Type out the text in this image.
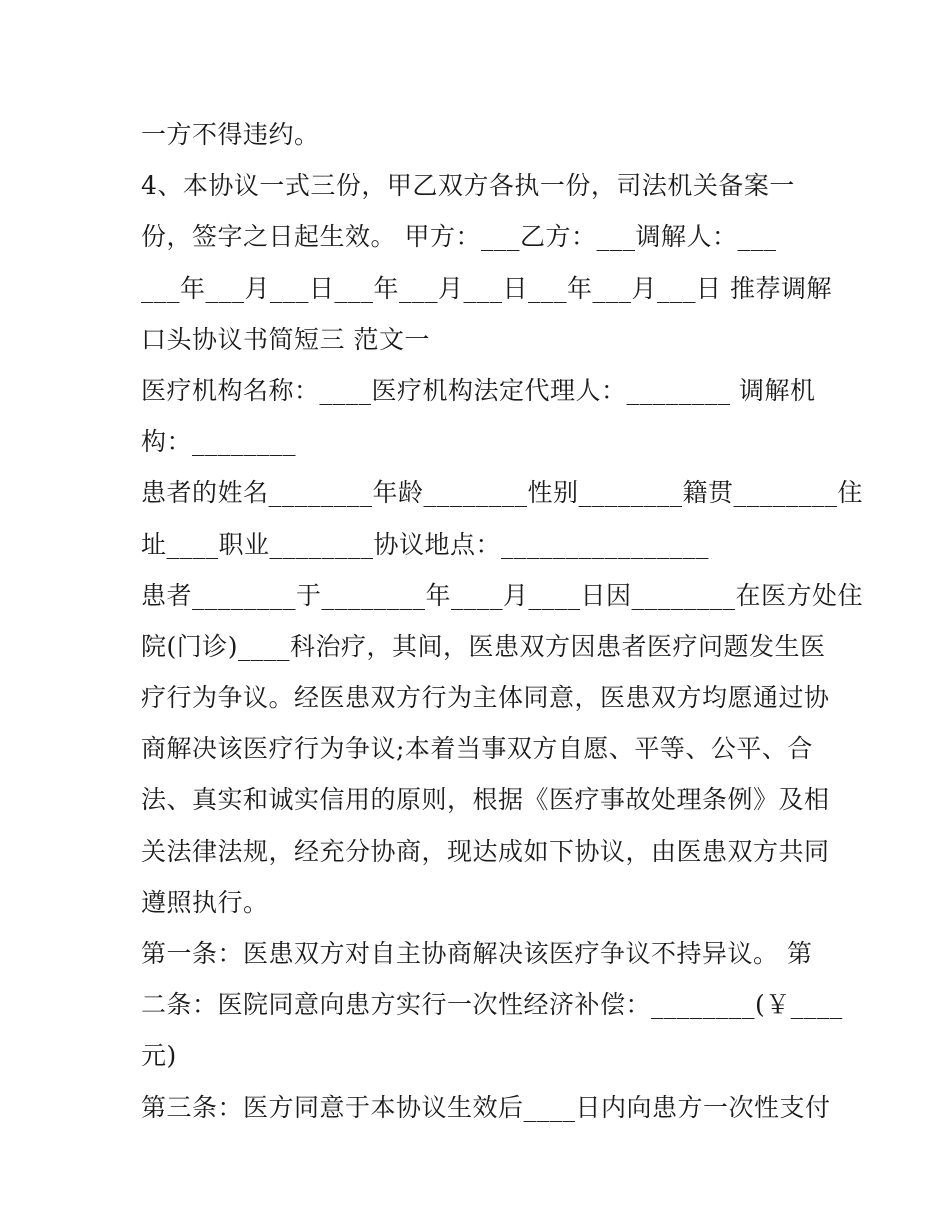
一方不得违约。
4、本协议一式三份，甲乙双方各执一份，司法机关备案一
份，签字之日起生效。 甲方：___乙方：___调解人：___
___年___月___日___年___月___日___年___月___日 推荐调解
口头协议书简短三 范文一
医疗机构名称：____医疗机构法定代理人：________ 调解机
构：________
患者的姓名________年龄________性别________籍贯________住
址____职业________协议地点：________________
患者________于________年____月____日因________在医方处住
院(门诊)____科治疗，其间，医患双方因患者医疗问题发生医
疗行为争议。经医患双方行为主体同意，医患双方均愿通过协
商解决该医疗行为争议;本着当事双方自愿、平等、公平、合
法、真实和诚实信用的原则，根据《医疗事故处理条例》及相
关法律法规，经充分协商，现达成如下协议，由医患双方共同
遵照执行。
第一条：医患双方对自主协商解决该医疗争议不持异议。 第
二条：医院同意向患方实行一次性经济补偿：________(￥____
元)
第三条：医方同意于本协议生效后____日内向患方一次性支付
